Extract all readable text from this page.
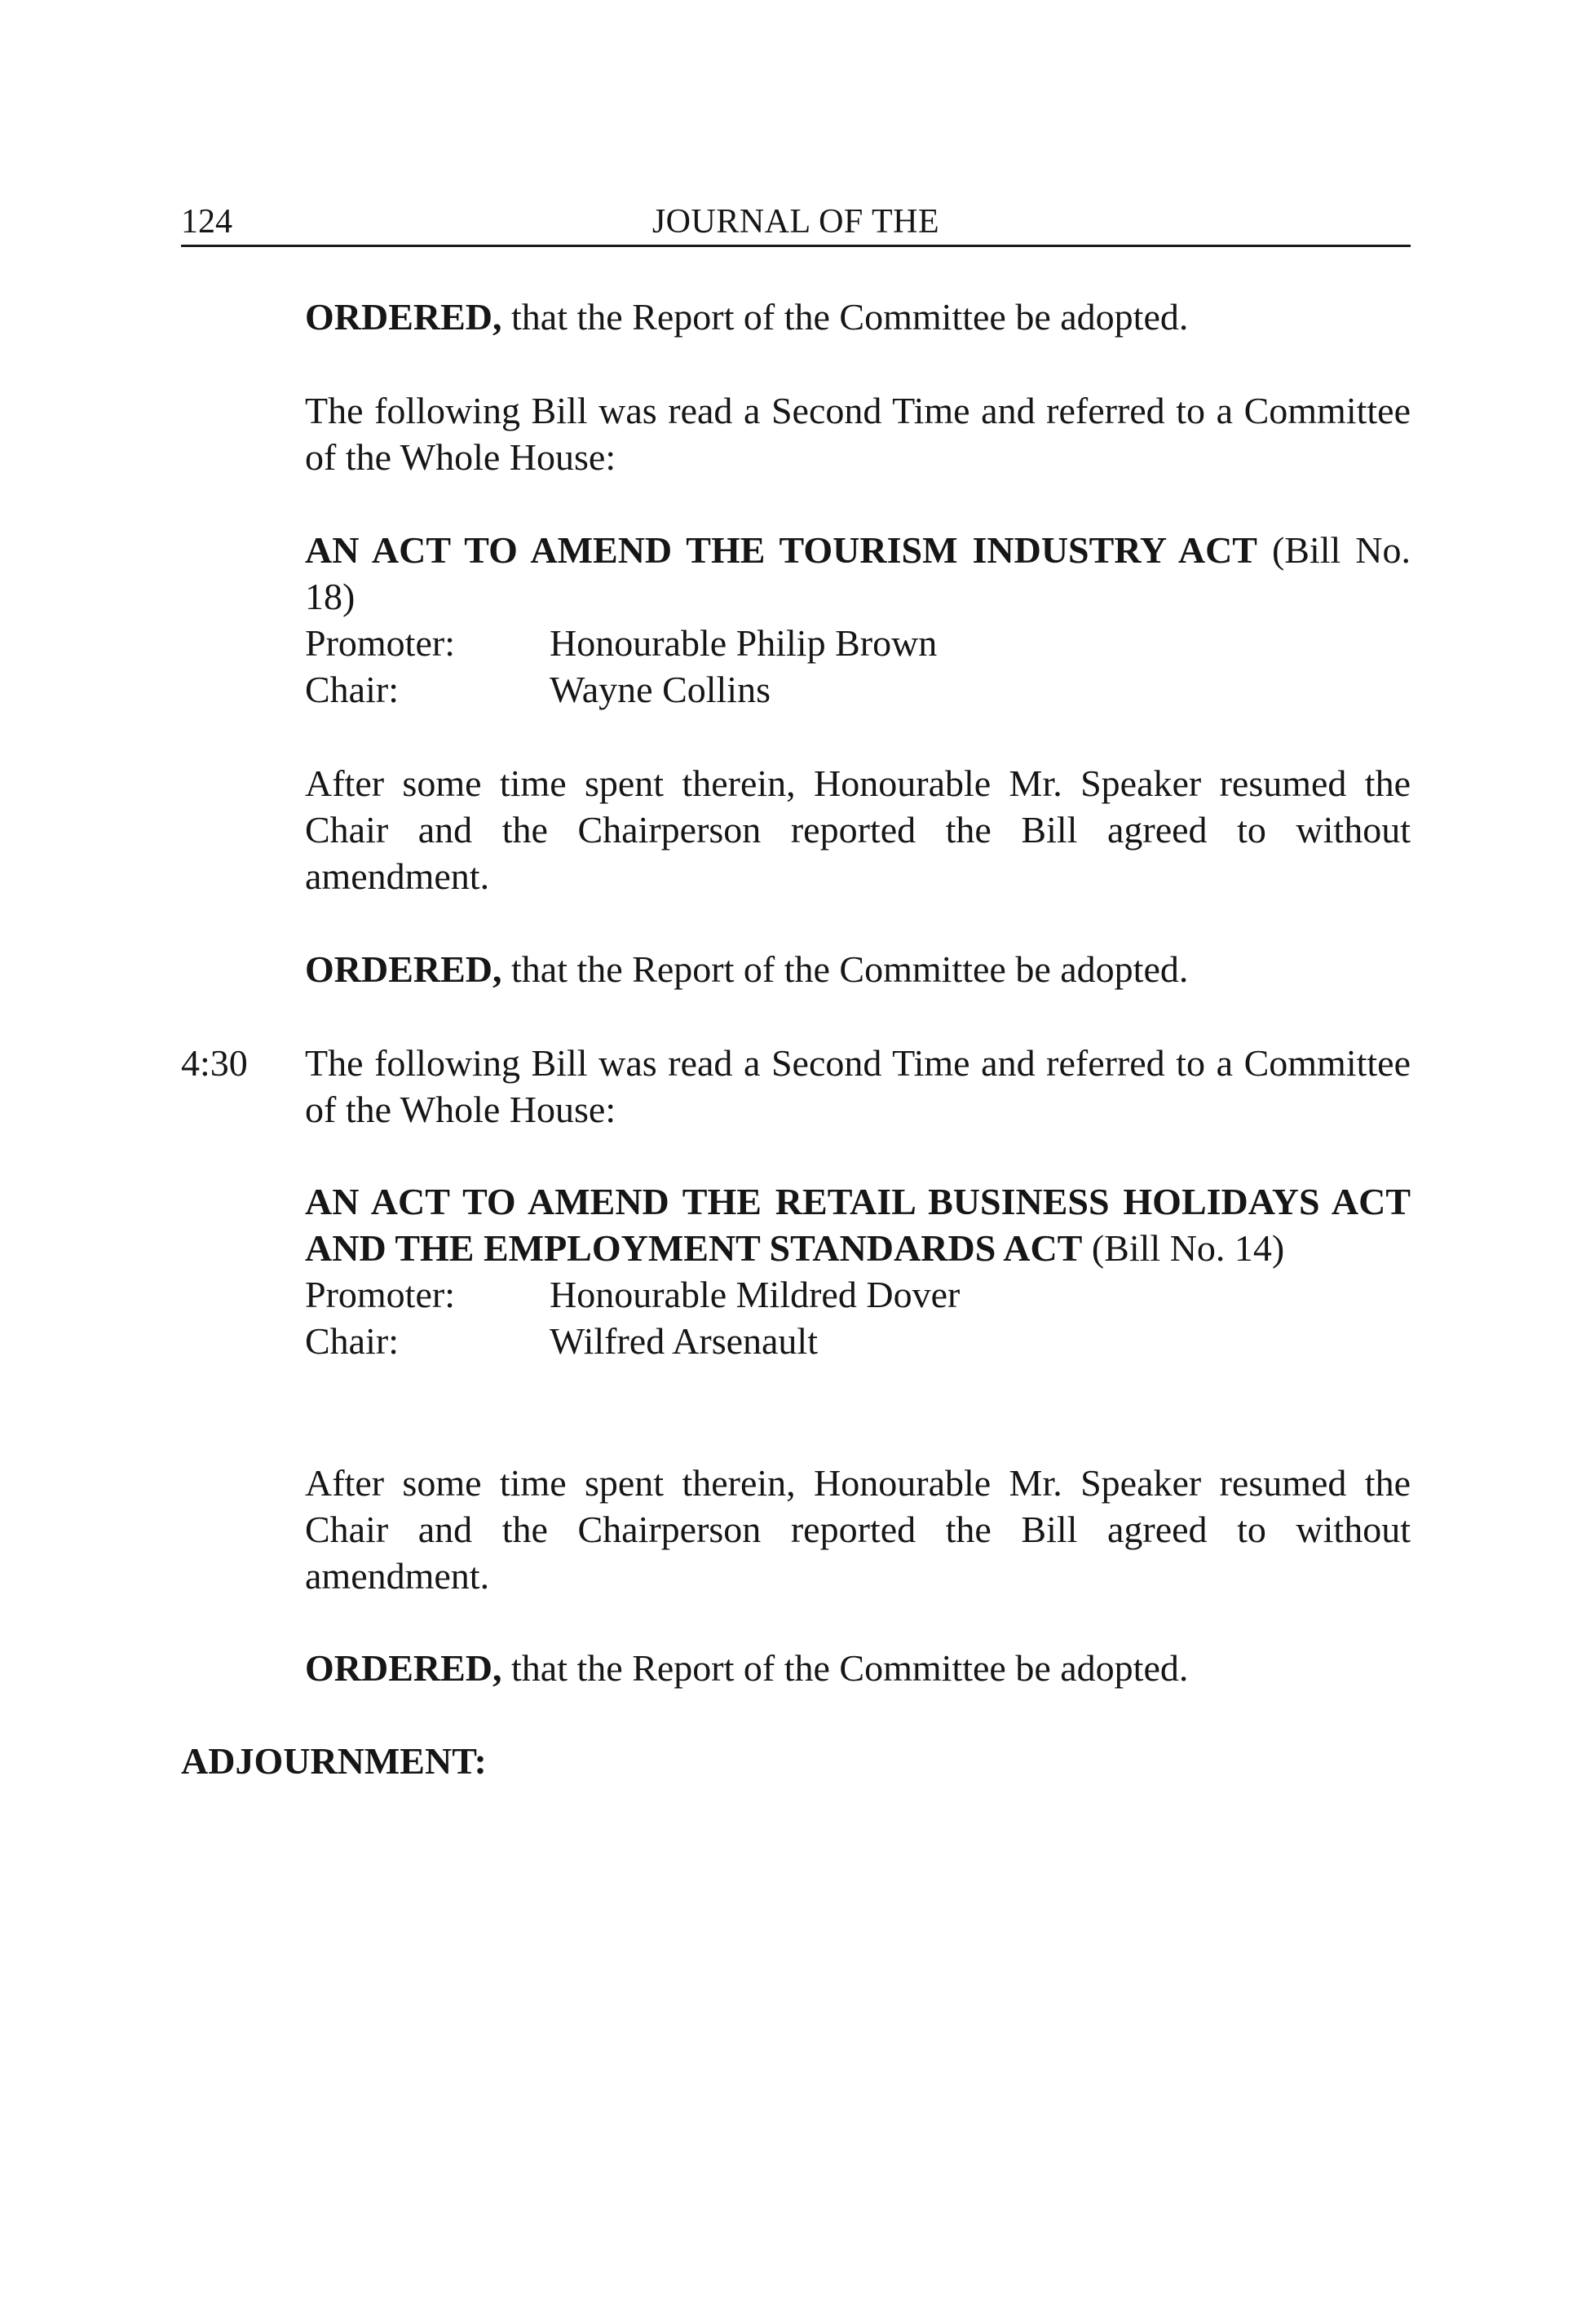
124	JOURNAL OF THE
ORDERED, that the Report of the Committee be adopted.
The following Bill was read a Second Time and referred to a Committee of the Whole House:
AN ACT TO AMEND THE TOURISM INDUSTRY ACT (Bill No. 18)
Promoter:	Honourable Philip Brown
Chair:	Wayne Collins
After some time spent therein, Honourable Mr. Speaker resumed the Chair and the Chairperson reported the Bill agreed to without amendment.
ORDERED, that the Report of the Committee be adopted.
4:30 The following Bill was read a Second Time and referred to a Committee of the Whole House:
AN ACT TO AMEND THE RETAIL BUSINESS HOLIDAYS ACT AND THE EMPLOYMENT STANDARDS ACT (Bill No. 14)
Promoter:	Honourable Mildred Dover
Chair:	Wilfred Arsenault
After some time spent therein, Honourable Mr. Speaker resumed the Chair and the Chairperson reported the Bill agreed to without amendment.
ORDERED, that the Report of the Committee be adopted.
ADJOURNMENT:
